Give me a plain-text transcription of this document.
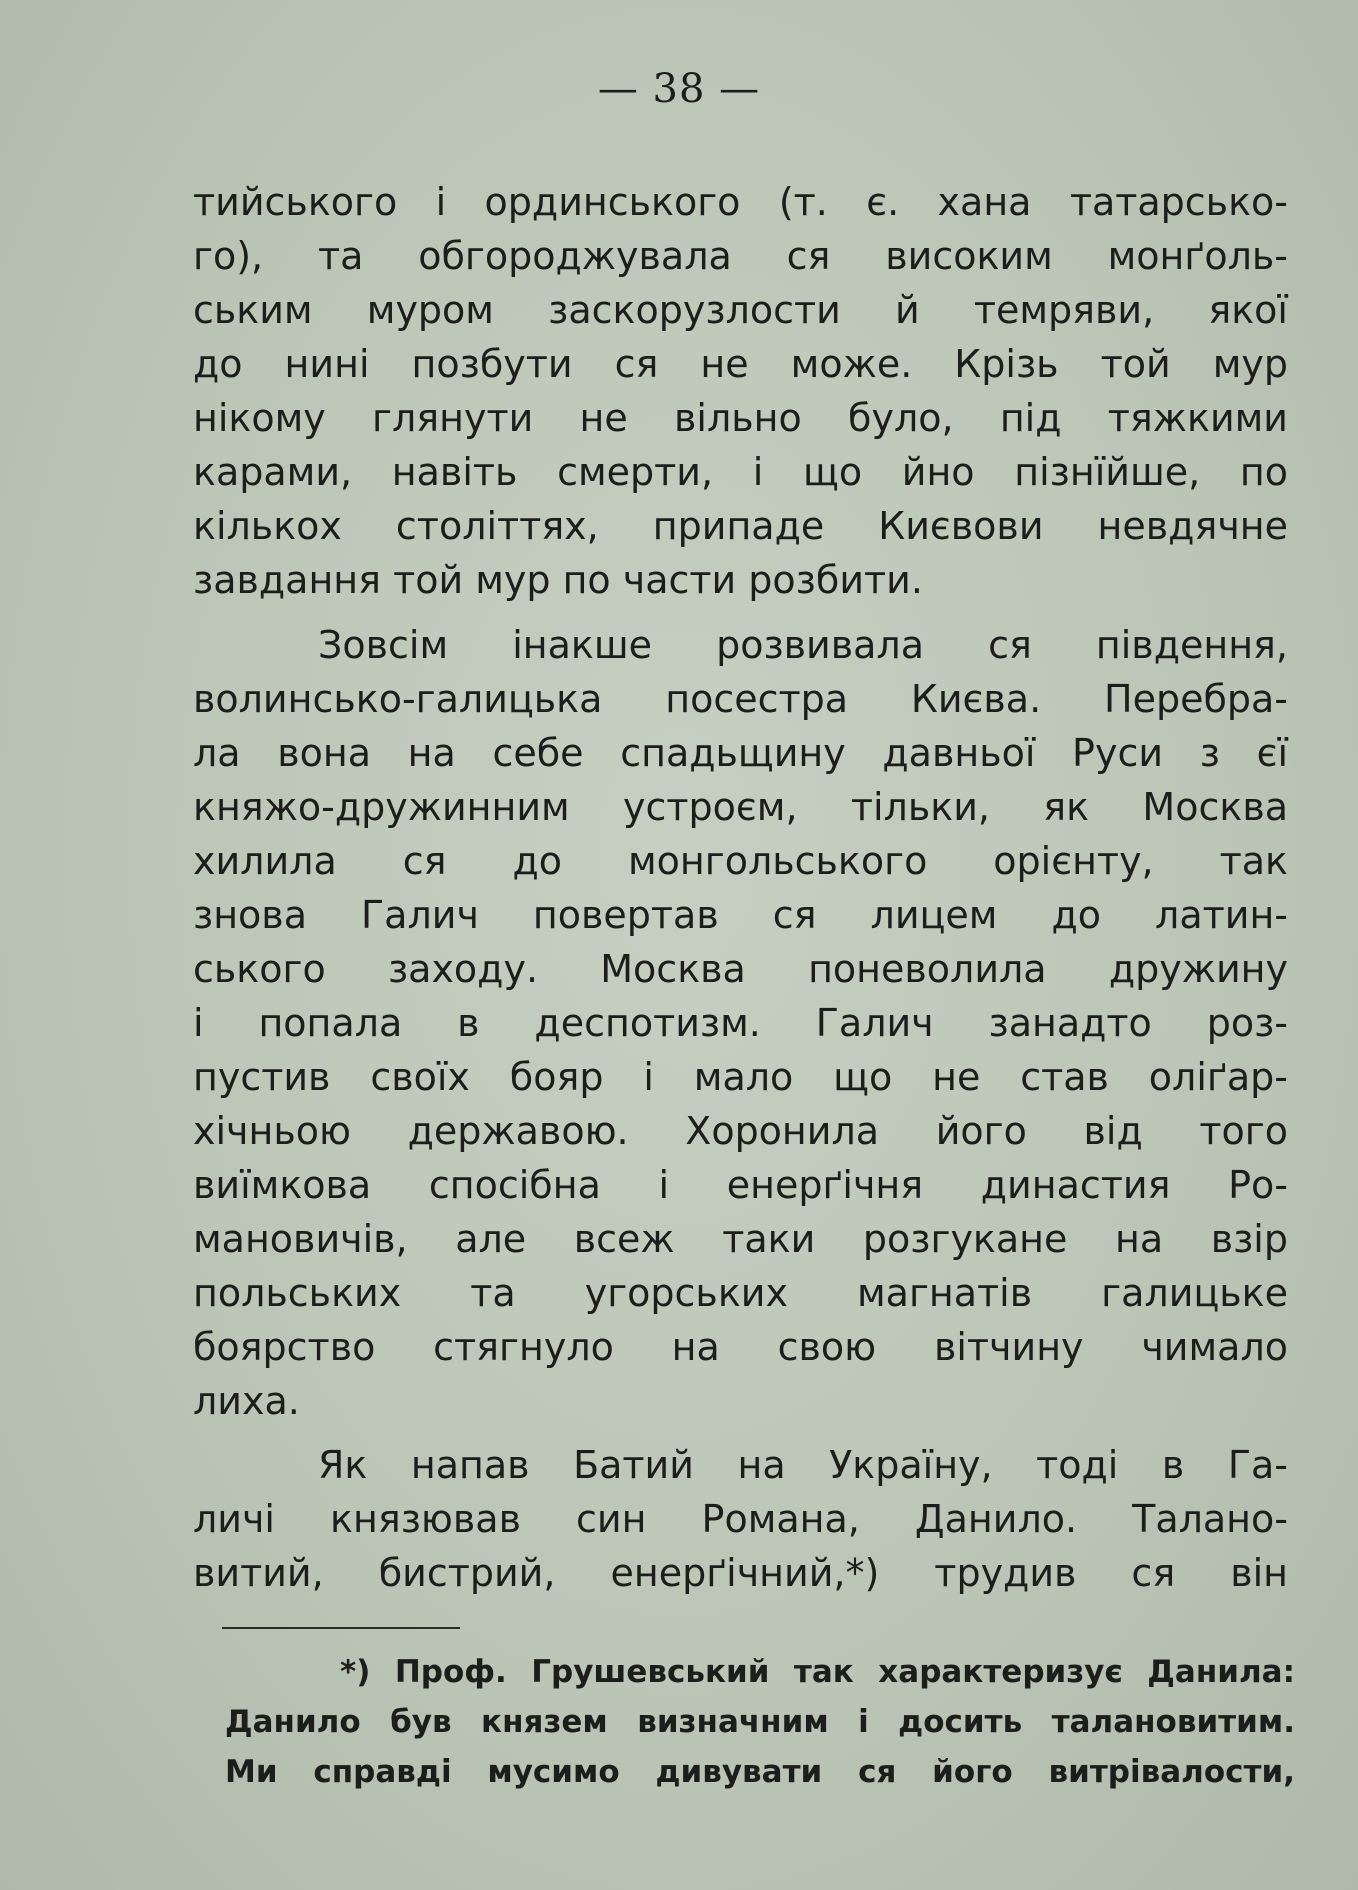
— 38 —
тийського і ординського (т. є. хана татарсько-
го), та обгороджувала ся високим монґоль-
ським муром заскорузлости й темряви, якої
до нині позбути ся не може. Крізь той мур
нікому глянути не вільно було, під тяжкими
карами, навіть смерти, і що йно пізнїйше, по
кількох століттях, припаде Києвови невдячне
завдання той мур по части розбити.
Зовсім інакше розвивала ся південня,
волинсько-галицька посестра Києва. Перебра-
ла вона на себе спадьщину давньої Руси з єї
княжо-дружинним устроєм, тільки, як Москва
хилила ся до монгольського орієнту, так
знова Галич повертав ся лицем до латин-
ського заходу. Москва поневолила дружину
і попала в деспотизм. Галич занадто роз-
пустив своїх бояр і мало що не став оліґар-
хічньою державою. Хоронила його від того
виїмкова спосібна і енерґічня династия Ро-
мановичів, але всеж таки розгукане на взір
польських та угорських магнатів галицьке
боярство стягнуло на свою вітчину чимало
лиха.
Як напав Батий на Україну, тоді в Га-
личі князював син Романа, Данило. Талано-
витий, бистрий, енерґічний,*) трудив ся він
*) Проф. Грушевський так характеризує Данила:
Данило був князем визначним і досить талановитим.
Ми справді мусимо дивувати ся його витрівалости,
